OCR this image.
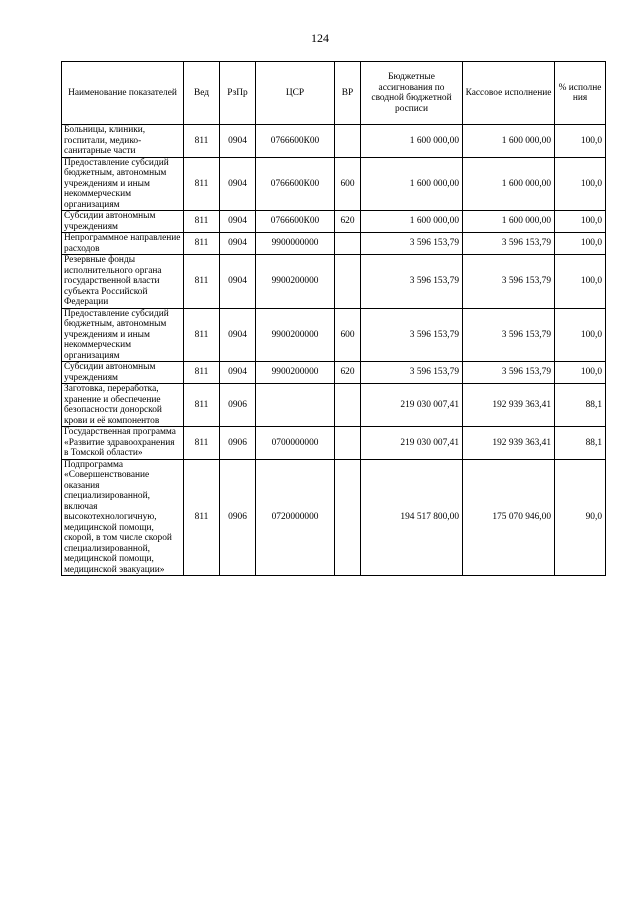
124
Наименование показателей	Вед	РзПр	ЦСР	ВР	Бюджетные ассигнования по сводной бюджетной росписи	Кассовое исполнение	% исполне ния
Больницы, клиники, госпитали, медико-санитарные части	811	0904	0766600К00		1 600 000,00	1 600 000,00	100,0
Предоставление субсидий бюджетным, автономным учреждениям и иным некоммерческим организациям	811	0904	0766600К00	600	1 600 000,00	1 600 000,00	100,0
Субсидии автономным учреждениям	811	0904	0766600К00	620	1 600 000,00	1 600 000,00	100,0
Непрограммное направление расходов	811	0904	9900000000		3 596 153,79	3 596 153,79	100,0
Резервные фонды исполнительного органа государственной власти субъекта Российской Федерации	811	0904	9900200000		3 596 153,79	3 596 153,79	100,0
Предоставление субсидий бюджетным, автономным учреждениям и иным некоммерческим организациям	811	0904	9900200000	600	3 596 153,79	3 596 153,79	100,0
Субсидии автономным учреждениям	811	0904	9900200000	620	3 596 153,79	3 596 153,79	100,0
Заготовка, переработка, хранение и обеспечение безопасности донорской крови и её компонентов	811	0906			219 030 007,41	192 939 363,41	88,1
Государственная программа «Развитие здравоохранения в Томской области»	811	0906	0700000000		219 030 007,41	192 939 363,41	88,1
Подпрограмма «Совершенствование оказания специализированной, включая высокотехнологичную, медицинской помощи, скорой, в том числе скорой специализированной, медицинской помощи, медицинской эвакуации»	811	0906	0720000000		194 517 800,00	175 070 946,00	90,0
